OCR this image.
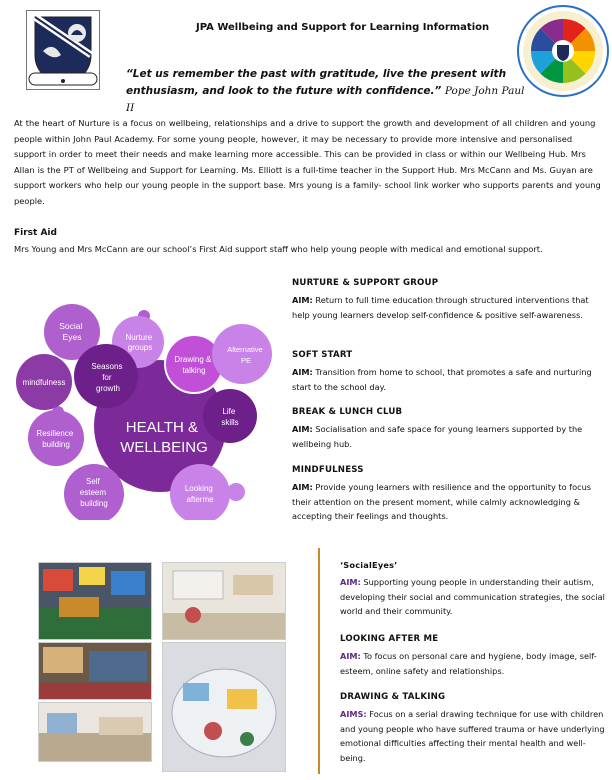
JPA Wellbeing and Support for Learning Information
“Let us remember the past with gratitude, live the present with enthusiasm, and look to the future with confidence.” Pope John Paul II
At the heart of Nurture is a focus on wellbeing, relationships and a drive to support the growth and development of all children and young people within John Paul Academy. For some young people, however, it may be necessary to provide more intensive and personalised support in order to meet their needs and make learning more accessible. This can be provided in class or within our Wellbeing Hub. Mrs Allan is the PT of Wellbeing and Support for Learning. Ms. Elliott is a full-time teacher in the Support Hub. Mrs McCann and Ms. Guyan are support workers who help our young people in the support base. Mrs young is a family- school link worker who supports parents and young people.
First Aid
Mrs Young and Mrs McCann are our school’s First Aid support staff who help young people with medical and emotional support.
HEALTH & WELLBEING
Social Eyes	Nurture groups
Seasons for growth
Drawing & talking
Alternative PE
mindfulness
Life skills
Resilience building
Self esteem building
Looking afterme
NURTURE & SUPPORT GROUP
AIM: Return to full time education through structured interventions that help young learners develop self-confidence & positive self-awareness.
SOFT START
AIM: Transition from home to school, that promotes a safe and nurturing start to the school day.
BREAK & LUNCH CLUB
AIM: Socialisation and safe space for young learners supported by the wellbeing hub.
MINDFULNESS
AIM: Provide young learners with resilience and the opportunity to focus their attention on the present moment, while calmly acknowledging & accepting their feelings and thoughts.
‘SocialEyes’
AIM: Supporting young people in understanding their autism, developing their social and communication strategies, the social world and their community.
LOOKING AFTER ME
AIM: To focus on personal care and hygiene, body image, self-esteem, online safety and relationships.
DRAWING & TALKING
AIMS: Focus on a serial drawing technique for use with children and young people who have suffered trauma or have underlying emotional difficulties affecting their mental health and well-being.
